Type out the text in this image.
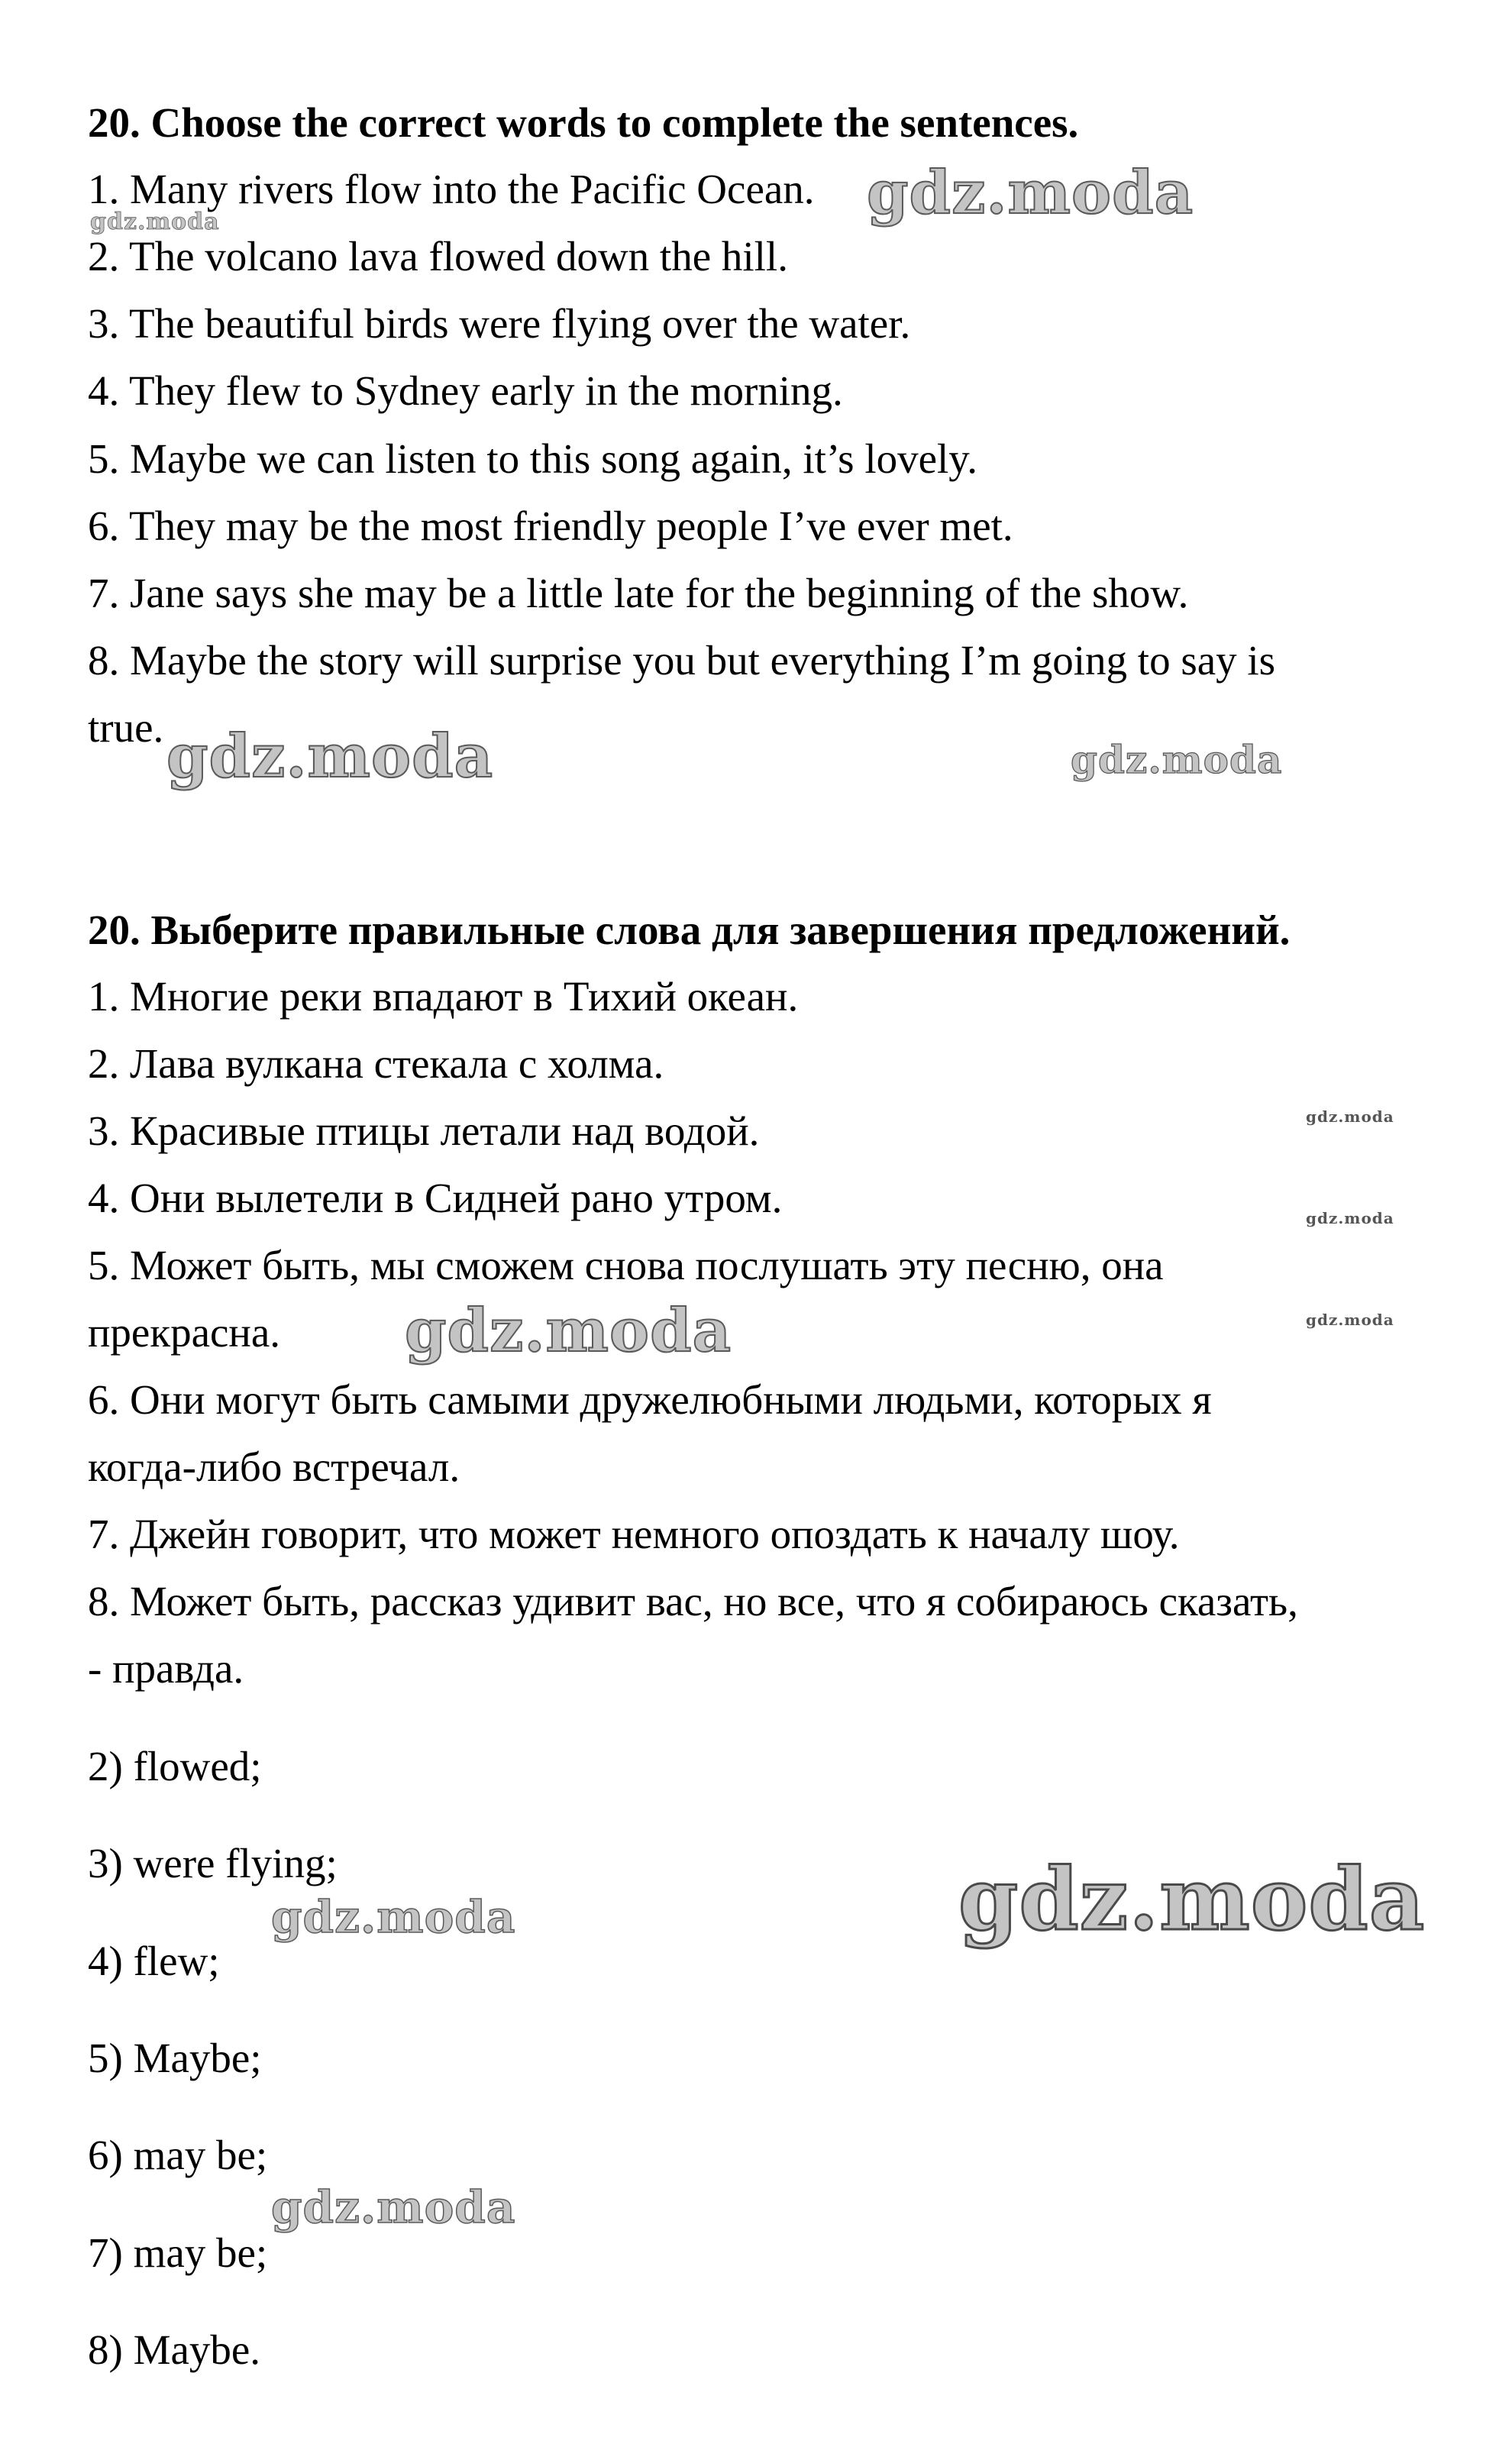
20. Choose the correct words to complete the sentences.
1. Many rivers flow into the Pacific Ocean.
2. The volcano lava flowed down the hill.
3. The beautiful birds were flying over the water.
4. They flew to Sydney early in the morning.
5. Maybe we can listen to this song again, it’s lovely.
6. They may be the most friendly people I’ve ever met.
7. Jane says she may be a little late for the beginning of the show.
8. Maybe the story will surprise you but everything I’m going to say is
true.
20. Выберите правильные слова для завершения предложений.
1. Многие реки впадают в Тихий океан.
2. Лава вулкана стекала с холма.
3. Красивые птицы летали над водой.
4. Они вылетели в Сидней рано утром.
5. Может быть, мы сможем снова послушать эту песню, она
прекрасна.
6. Они могут быть самыми дружелюбными людьми, которых я
когда-либо встречал.
7. Джейн говорит, что может немного опоздать к началу шоу.
8. Может быть, рассказ удивит вас, но все, что я собираюсь сказать,
- правда.
2) flowed;
3) were flying;
4) flew;
5) Maybe;
6) may be;
7) may be;
8) Maybe.
gdz.moda
gdz.moda
gdz.moda	gdz.moda
gdz.moda
gdz.moda
gdz.moda
gdz.moda
gdz.moda
gdz.moda
gdz.moda
